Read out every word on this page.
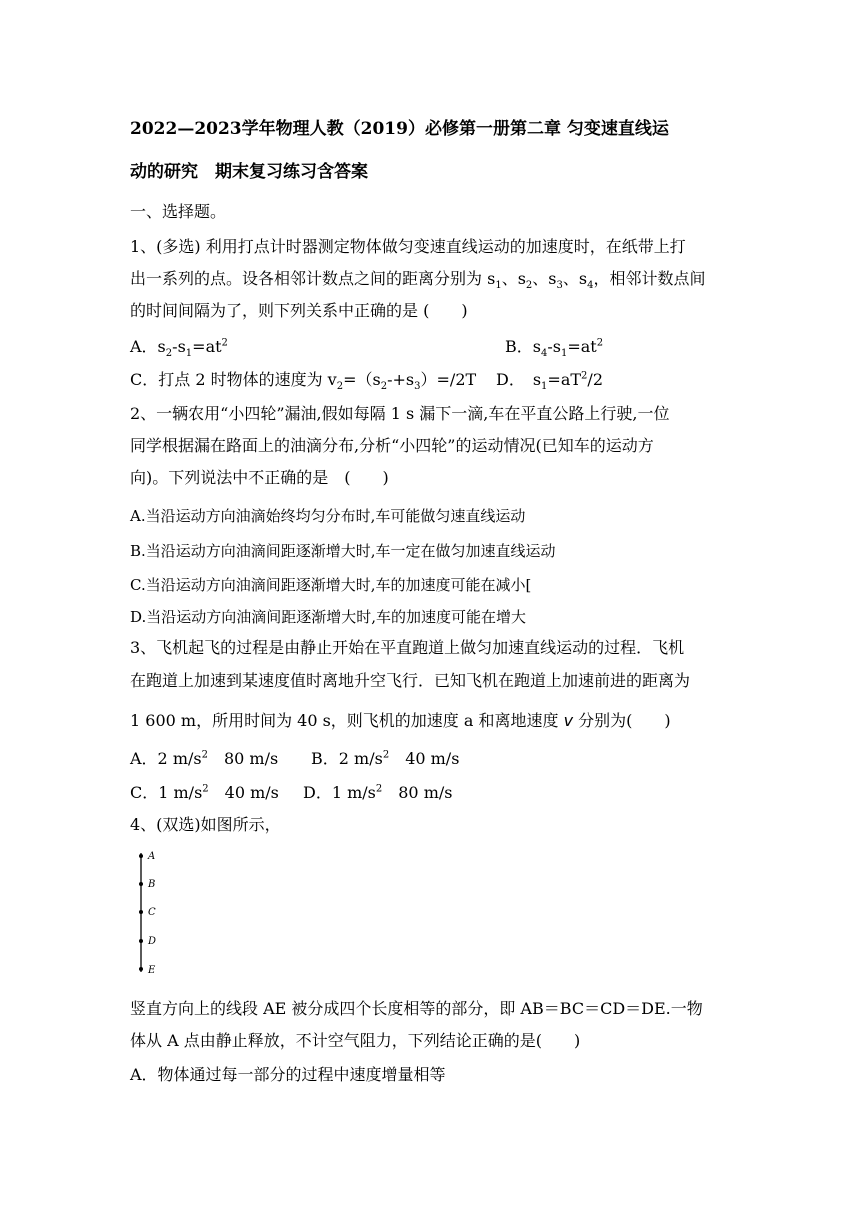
2022—2023学年物理人教（2019）必修第一册第二章 匀变速直线运
动的研究　期末复习练习含答案
一、选择题。
1、(多选) 利用打点计时器测定物体做匀变速直线运动的加速度时，在纸带上打
出一系列的点。设各相邻计数点之间的距离分别为 $s_1$、$s_2$、$s_3$、$s_4$，相邻计数点间
的时间间隔为了，则下列关系中正确的是 (　　)
A．$s_2-s_1=at^2$	B．$s_4-s_1=at^2$
C．打点 2 时物体的速度为 $v_2=(s_2-+s_3)=/2T$ D．　$s_1=aT^2/2$
2、一辆农用“小四轮”漏油,假如每隔 1 s 漏下一滴,车在平直公路上行驶,一位
同学根据漏在路面上的油滴分布,分析“小四轮”的运动情况(已知车的运动方
向)。下列说法中不正确的是　(　　)
A.当沿运动方向油滴始终均匀分布时,车可能做匀速直线运动
B.当沿运动方向油滴间距逐渐增大时,车一定在做匀加速直线运动
C.当沿运动方向油滴间距逐渐增大时,车的加速度可能在减小[
D.当沿运动方向油滴间距逐渐增大时,车的加速度可能在增大
3、飞机起飞的过程是由静止开始在平直跑道上做匀加速直线运动的过程．飞机
在跑道上加速到某速度值时离地升空飞行．已知飞机在跑道上加速前进的距离为
1 600 m，所用时间为 40 s，则飞机的加速度 a 和离地速度 v 分别为(　　)
A．2 $m/s^2$　80 m/s B．2 $m/s^2$　40 m/s
C．1 $m/s^2$　40 m/s D．1 $m/s^2$　80 m/s
4、(双选)如图所示，
A
B
C
D
E
竖直方向上的线段 AE 被分成四个长度相等的部分，即 AB＝BC＝CD＝DE.一物
体从 A 点由静止释放，不计空气阻力，下列结论正确的是(　　)
A．物体通过每一部分的过程中速度增量相等
